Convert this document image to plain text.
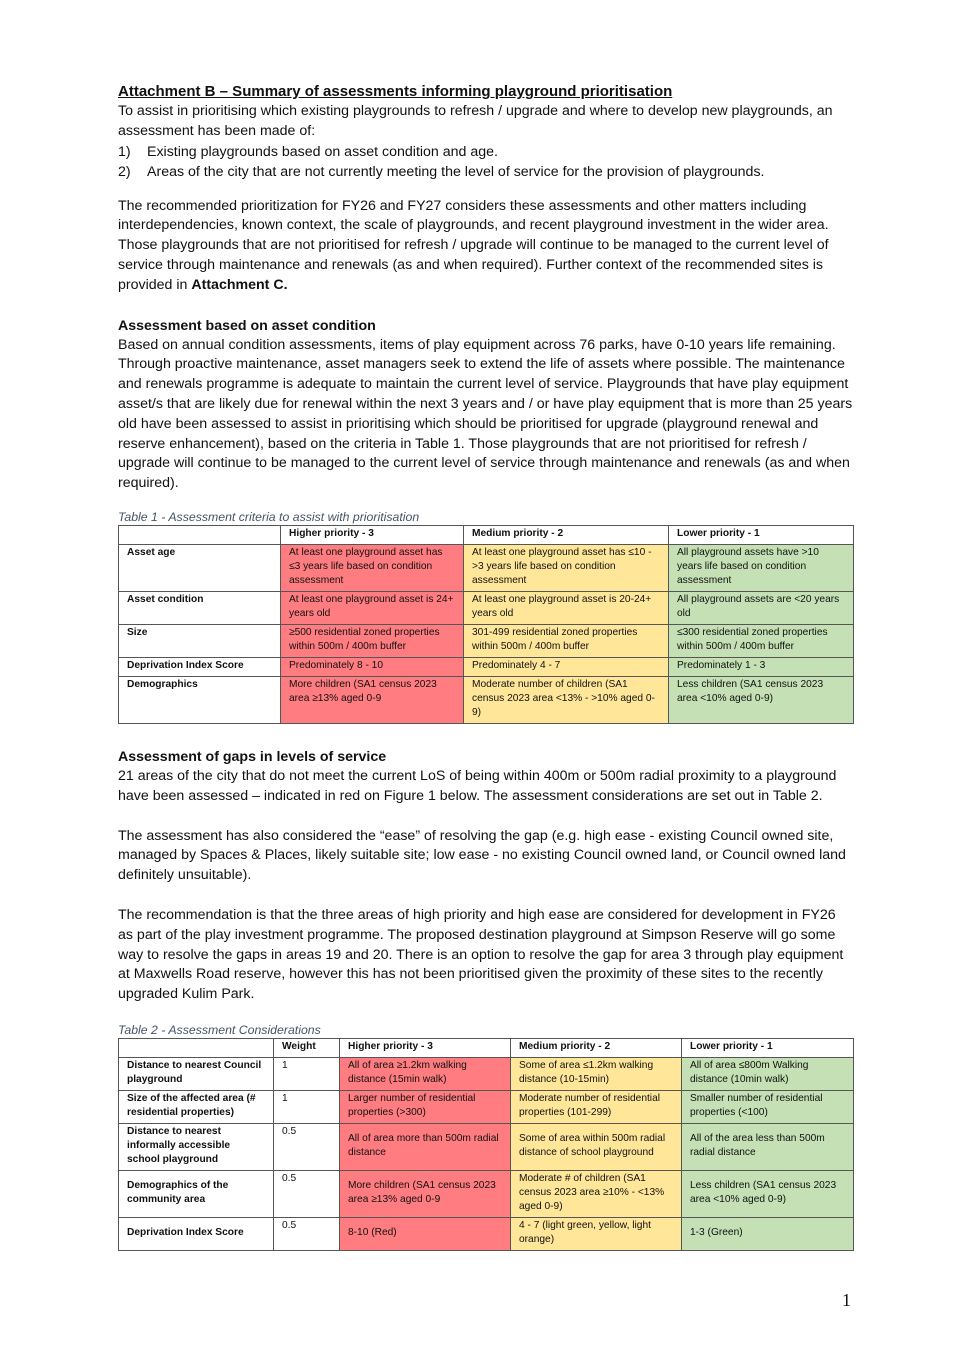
Attachment B – Summary of assessments informing playground prioritisation

To assist in prioritising which existing playgrounds to refresh / upgrade and where to develop new playgrounds, an assessment has been made of:

1)	Existing playgrounds based on asset condition and age.
2)	Areas of the city that are not currently meeting the level of service for the provision of playgrounds.

The recommended prioritization for FY26 and FY27 considers these assessments and other matters including interdependencies, known context, the scale of playgrounds, and recent playground investment in the wider area. Those playgrounds that are not prioritised for refresh / upgrade will continue to be managed to the current level of service through maintenance and renewals (as and when required). Further context of the recommended sites is provided in Attachment C.

Assessment based on asset condition

Based on annual condition assessments, items of play equipment across 76 parks, have 0-10 years life remaining. Through proactive maintenance, asset managers seek to extend the life of assets where possible. The maintenance and renewals programme is adequate to maintain the current level of service. Playgrounds that have play equipment asset/s that are likely due for renewal within the next 3 years and / or have play equipment that is more than 25 years old have been assessed to assist in prioritising which should be prioritised for upgrade (playground renewal and reserve enhancement), based on the criteria in Table 1. Those playgrounds that are not prioritised for refresh / upgrade will continue to be managed to the current level of service through maintenance and renewals (as and when required).

Table 1 - Assessment criteria to assist with prioritisation

	Higher priority - 3	Medium priority - 2	Lower priority - 1
Asset age	At least one playground asset has ≤3 years life based on condition assessment	At least one playground asset has ≤10 - >3 years life based on condition assessment	All playground assets have >10 years life based on condition assessment
Asset condition	At least one playground asset is 24+ years old	At least one playground asset is 20-24+ years old	All playground assets are <20 years old
Size	≥500 residential zoned properties within 500m / 400m buffer	301-499 residential zoned properties within 500m / 400m buffer	≤300 residential zoned properties within 500m / 400m buffer
Deprivation Index Score	Predominately 8 - 10	Predominately 4 - 7	Predominately 1 - 3
Demographics	More children (SA1 census 2023 area ≥13% aged 0-9	Moderate number of children (SA1 census 2023 area <13% - >10% aged 0-9)	Less children (SA1 census 2023 area <10% aged 0-9)
Assessment of gaps in levels of service

21 areas of the city that do not meet the current LoS of being within 400m or 500m radial proximity to a playground have been assessed – indicated in red on Figure 1 below. The assessment considerations are set out in Table 2.

The assessment has also considered the “ease” of resolving the gap (e.g. high ease - existing Council owned site, managed by Spaces & Places, likely suitable site; low ease - no existing Council owned land, or Council owned land definitely unsuitable).

The recommendation is that the three areas of high priority and high ease are considered for development in FY26 as part of the play investment programme. The proposed destination playground at Simpson Reserve will go some way to resolve the gaps in areas 19 and 20. There is an option to resolve the gap for area 3 through play equipment at Maxwells Road reserve, however this has not been prioritised given the proximity of these sites to the recently upgraded Kulim Park.

Table 2 - Assessment Considerations

	Weight	Higher priority - 3	Medium priority - 2	Lower priority - 1
Distance to nearest Council playground	1	All of area ≥1.2km walking distance (15min walk)	Some of area ≤1.2km walking distance (10-15min)	All of area ≤800m Walking distance (10min walk)
Size of the affected area (# residential properties)	1	Larger number of residential properties (>300)	Moderate number of residential properties (101-299)	Smaller number of residential properties (<100)
Distance to nearest informally accessible school playground	0.5	All of area more than 500m radial distance	Some of area within 500m radial distance of school playground	All of the area less than 500m radial distance
Demographics of the community area	0.5	More children (SA1 census 2023 area ≥13% aged 0-9	Moderate # of children (SA1 census 2023 area ≥10% - <13% aged 0-9)	Less children (SA1 census 2023 area <10% aged 0-9)
Deprivation Index Score	0.5	8-10 (Red)	4 - 7 (light green, yellow, light orange)	1-3 (Green)
1
